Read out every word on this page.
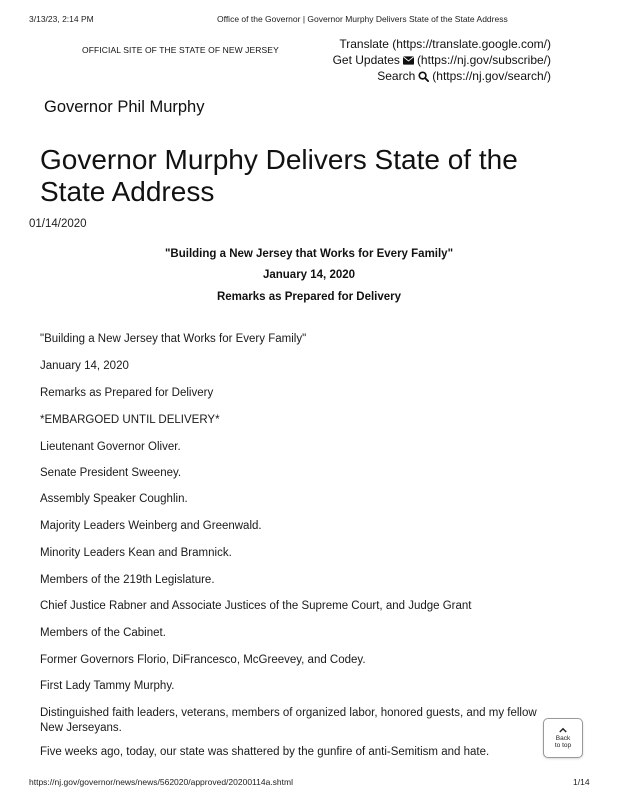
3/13/23, 2:14 PM	Office of the Governor | Governor Murphy Delivers State of the State Address
OFFICIAL SITE OF THE STATE OF NEW JERSEY	Translate (https://translate.google.com/)
Get Updates (https://nj.gov/subscribe/)
Search (https://nj.gov/search/)
Governor Phil Murphy
Governor Murphy Delivers State of the State Address
01/14/2020
"Building a New Jersey that Works for Every Family"
January 14, 2020
Remarks as Prepared for Delivery
"Building a New Jersey that Works for Every Family"
January 14, 2020
Remarks as Prepared for Delivery
*EMBARGOED UNTIL DELIVERY*
Lieutenant Governor Oliver.
Senate President Sweeney.
Assembly Speaker Coughlin.
Majority Leaders Weinberg and Greenwald.
Minority Leaders Kean and Bramnick.
Members of the 219th Legislature.
Chief Justice Rabner and Associate Justices of the Supreme Court, and Judge Grant
Members of the Cabinet.
Former Governors Florio, DiFrancesco, McGreevey, and Codey.
First Lady Tammy Murphy.
Distinguished faith leaders, veterans, members of organized labor, honored guests, and my fellow New Jerseyans.
Five weeks ago, today, our state was shattered by the gunfire of anti-Semitism and hate.
Back
to top
https://nj.gov/governor/news/news/562020/approved/20200114a.shtml	1/14
